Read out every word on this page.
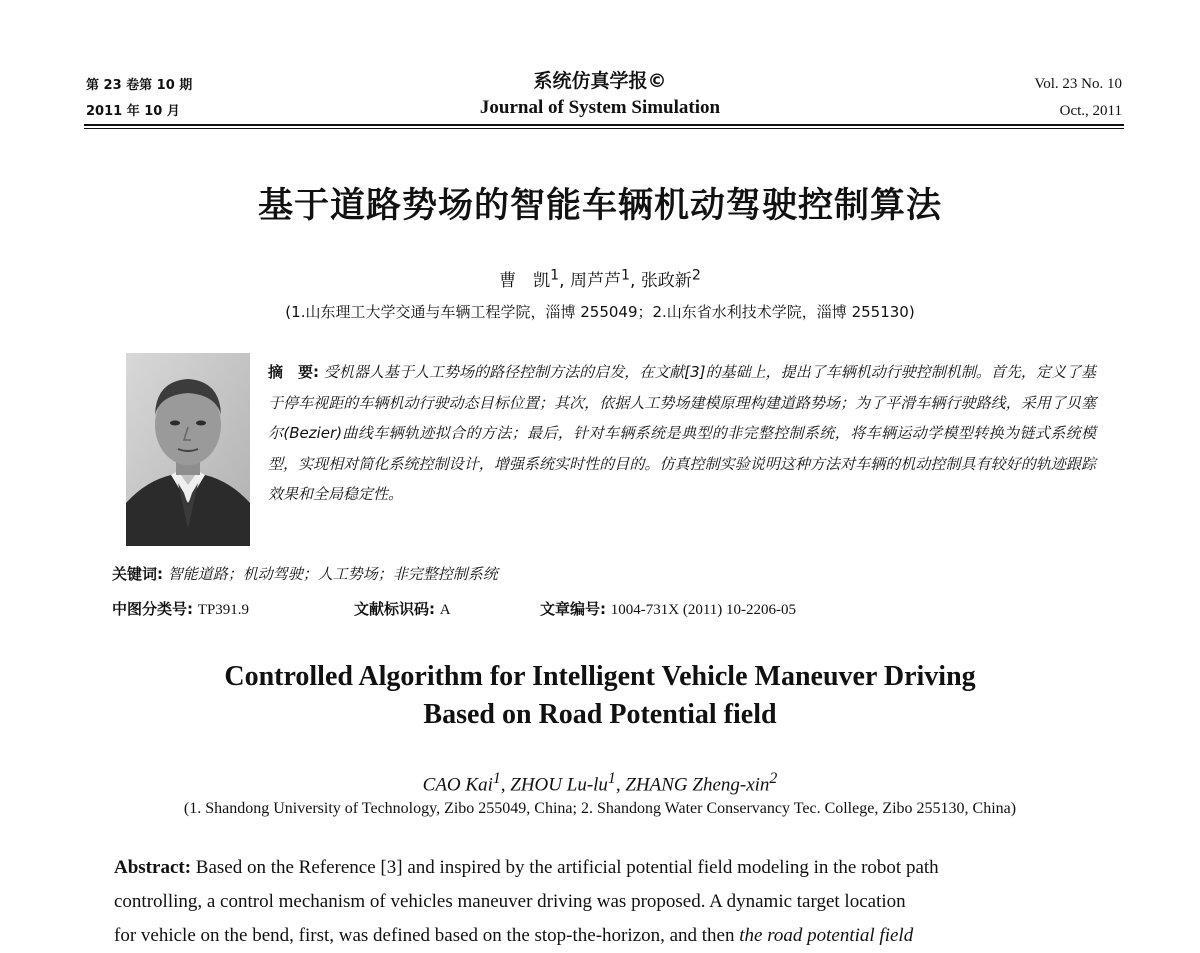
第 23 卷第 10 期
2011 年 10 月
系统仿真学报©
Journal of System Simulation
Vol. 23 No. 10
Oct., 2011
基于道路势场的智能车辆机动驾驶控制算法
曹　凯$^1$, 周芦芦$^1$, 张政新$^2$
(1.山东理工大学交通与车辆工程学院，淄博 255049；2.山东省水利技术学院，淄博 255130)
摘　要: 受机器人基于人工势场的路径控制方法的启发，在文献[3]的基础上，提出了车辆机动行驶控制机制。首先，定义了基于停车视距的车辆机动行驶动态目标位置；其次，依据人工势场建模原理构建道路势场；为了平滑车辆行驶路线，采用了贝塞尔(Bezier)曲线车辆轨迹拟合的方法；最后，针对车辆系统是典型的非完整控制系统，将车辆运动学模型转换为链式系统模型，实现相对简化系统控制设计，增强系统实时性的目的。仿真控制实验说明这种方法对车辆的机动控制具有较好的轨迹跟踪效果和全局稳定性。
关键词: 智能道路；机动驾驶；人工势场；非完整控制系统
中图分类号: TP391.9	文献标识码: A	文章编号: 1004-731X (2011) 10-2206-05
Controlled Algorithm for Intelligent Vehicle Maneuver Driving
Based on Road Potential field
CAO Kai$^1$, ZHOU $Lu-lu^1$, ZHANG Zheng-xin$^2$
(1. Shandong University of Technology, Zibo 255049, China; 2. Shandong Water Conservancy Tec. College, Zibo 255130, China)
Abstract: Based on the Reference [3] and inspired by the artificial potential field modeling in the robot path
controlling, a control mechanism of vehicles maneuver driving was proposed. A dynamic target location
for vehicle on the bend, first, was defined based on the stop-the-horizon, and then the road potential field
